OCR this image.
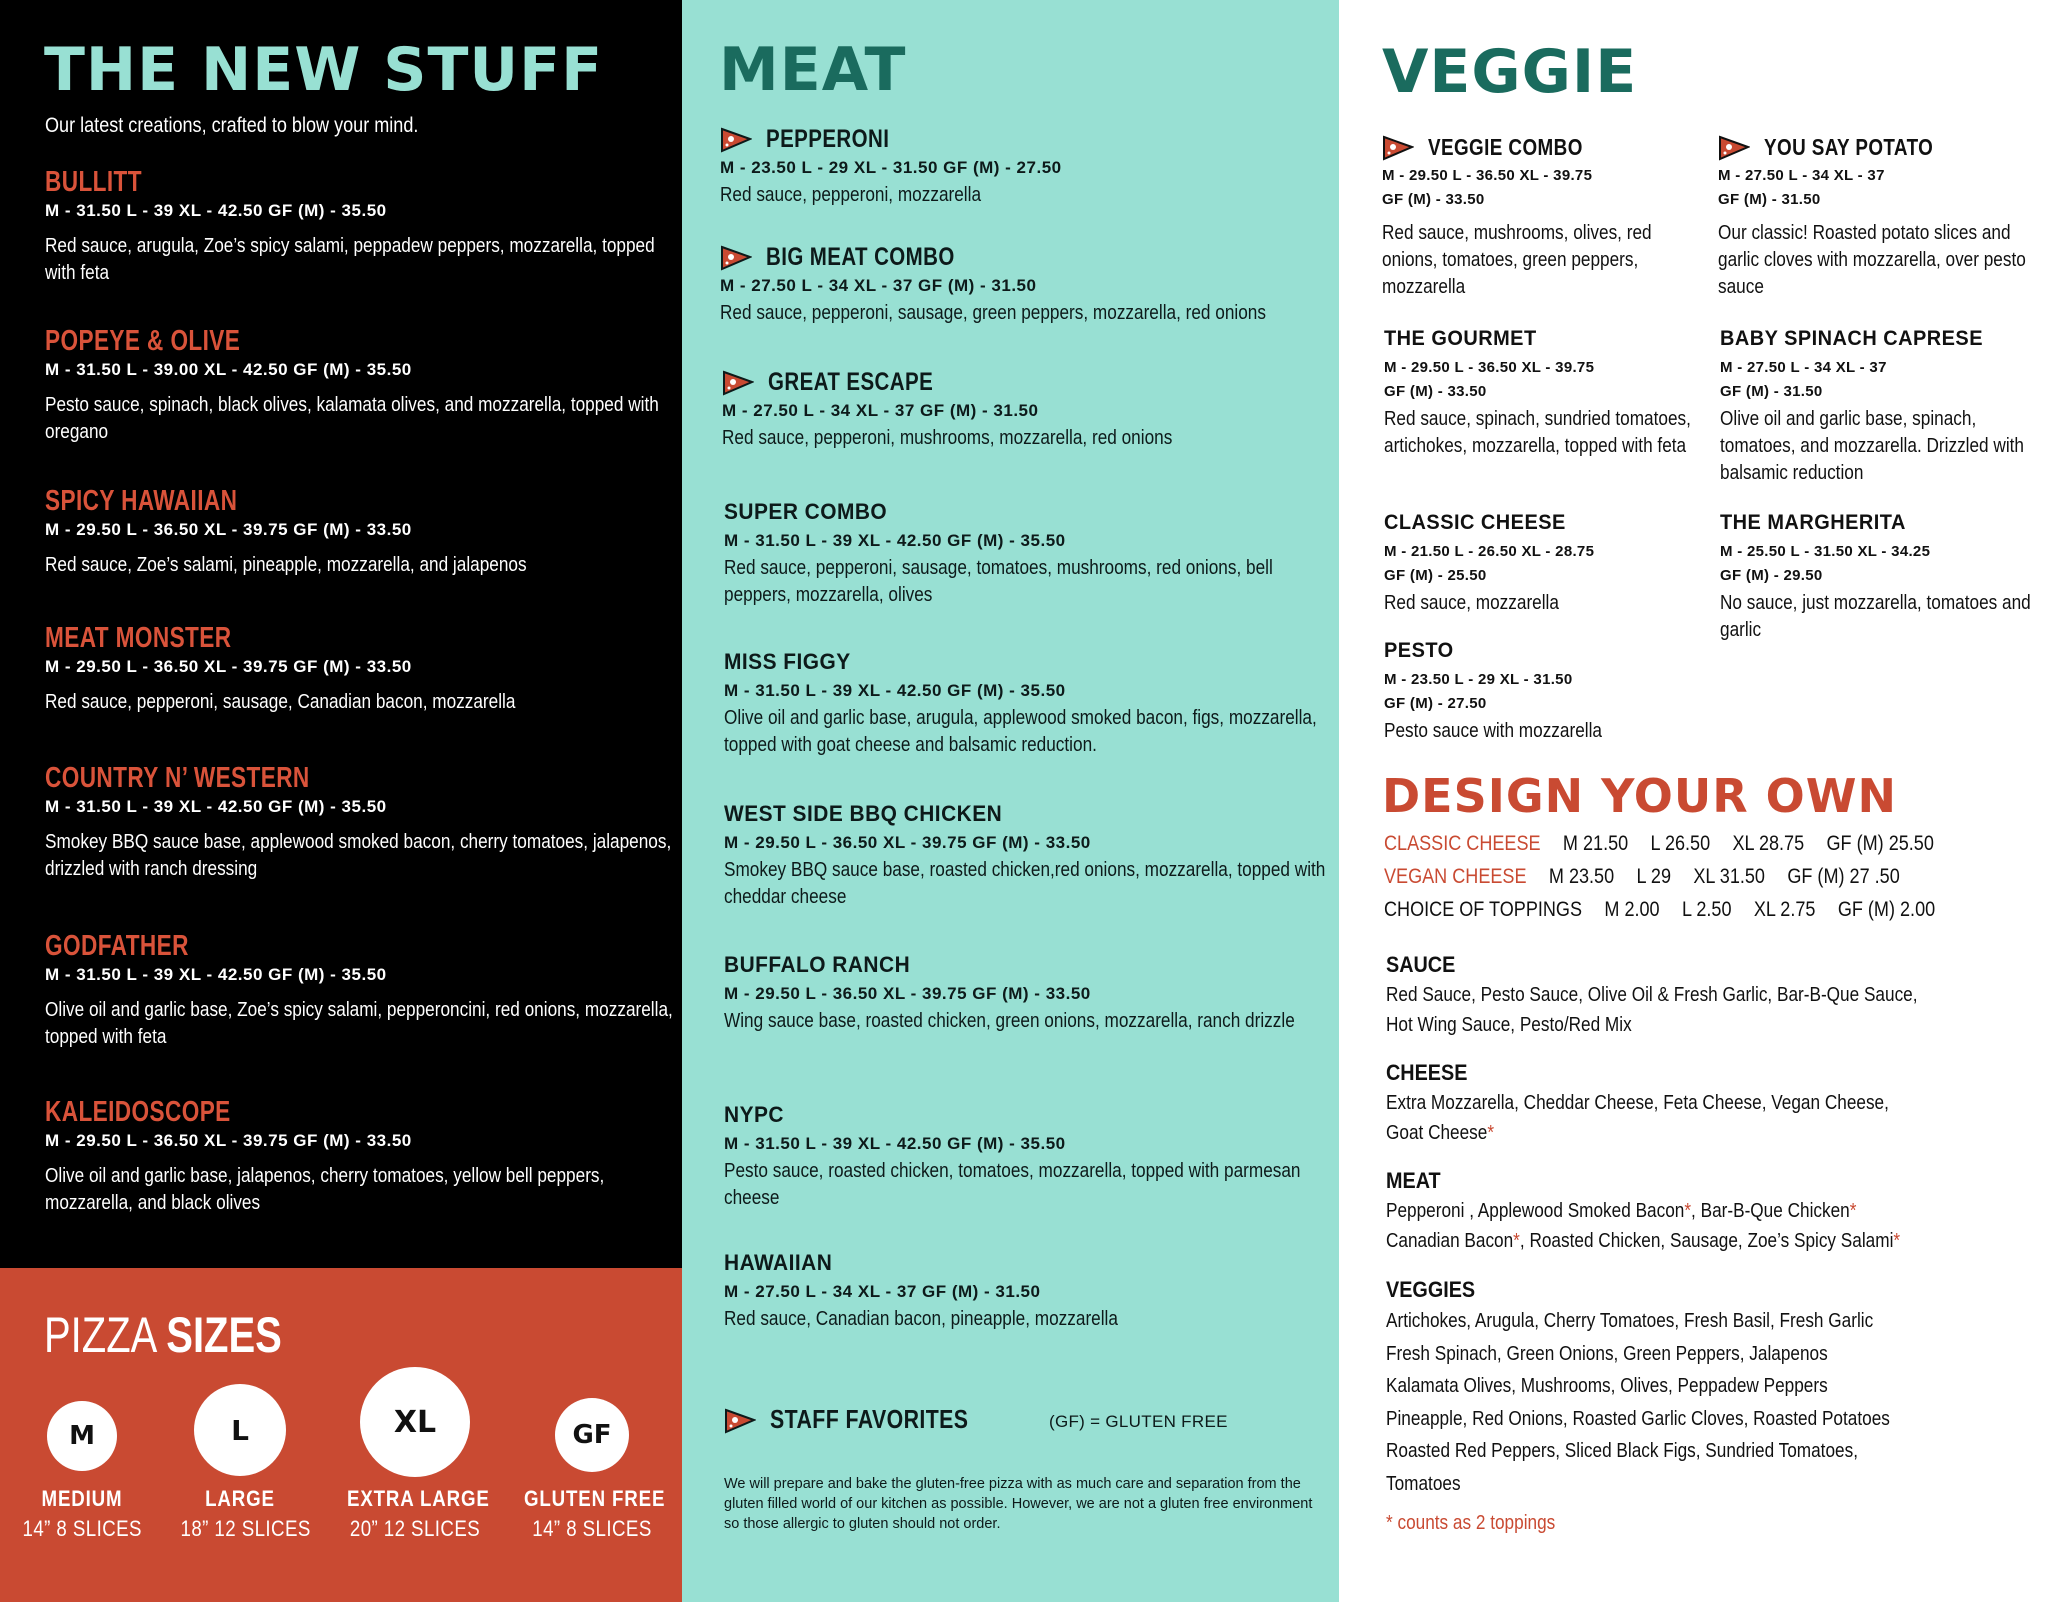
THE NEW STUFF
Our latest creations, crafted to blow your mind.
BULLITT
M - 31.50 L - 39 XL - 42.50 GF (M) - 35.50
Red sauce, arugula, Zoe’s spicy salami, peppadew peppers, mozzarella, topped with feta
POPEYE & OLIVE
M - 31.50 L - 39.00 XL - 42.50 GF (M) - 35.50
Pesto sauce, spinach, black olives, kalamata olives, and mozzarella, topped with oregano
SPICY HAWAIIAN
M - 29.50 L - 36.50 XL - 39.75 GF (M) - 33.50
Red sauce, Zoe’s salami, pineapple, mozzarella, and jalapenos
MEAT MONSTER
M - 29.50 L - 36.50 XL - 39.75 GF (M) - 33.50
Red sauce, pepperoni, sausage, Canadian bacon, mozzarella
COUNTRY N’ WESTERN
M - 31.50 L - 39 XL - 42.50 GF (M) - 35.50
Smokey BBQ sauce base, applewood smoked bacon, cherry tomatoes, jalapenos, drizzled with ranch dressing
GODFATHER
M - 31.50 L - 39 XL - 42.50 GF (M) - 35.50
Olive oil and garlic base, Zoe’s spicy salami, pepperoncini, red onions, mozzarella, topped with feta
KALEIDOSCOPE
M - 29.50 L - 36.50 XL - 39.75 GF (M) - 33.50
Olive oil and garlic base, jalapenos, cherry tomatoes, yellow bell peppers, mozzarella, and black olives
PIZZA SIZES
M
MEDIUM
14” 8 SLICES
L
LARGE
18” 12 SLICES
XL
EXTRA LARGE
20” 12 SLICES
GF
GLUTEN FREE
14” 8 SLICES
MEAT
PEPPERONI
M - 23.50 L - 29 XL - 31.50 GF (M) - 27.50
Red sauce, pepperoni, mozzarella
BIG MEAT COMBO
M - 27.50 L - 34 XL - 37 GF (M) - 31.50
Red sauce, pepperoni, sausage, green peppers, mozzarella, red onions
GREAT ESCAPE
M - 27.50 L - 34 XL - 37 GF (M) - 31.50
Red sauce, pepperoni, mushrooms, mozzarella, red onions
SUPER COMBO
M - 31.50 L - 39 XL - 42.50 GF (M) - 35.50
Red sauce, pepperoni, sausage, tomatoes, mushrooms, red onions, bell peppers, mozzarella, olives
MISS FIGGY
M - 31.50 L - 39 XL - 42.50 GF (M) - 35.50
Olive oil and garlic base, arugula, applewood smoked bacon, figs, mozzarella, topped with goat cheese and balsamic reduction.
WEST SIDE BBQ CHICKEN
M - 29.50 L - 36.50 XL - 39.75 GF (M) - 33.50
Smokey BBQ sauce base, roasted chicken,red onions, mozzarella, topped with cheddar cheese
BUFFALO RANCH
M - 29.50 L - 36.50 XL - 39.75 GF (M) - 33.50
Wing sauce base, roasted chicken, green onions, mozzarella, ranch drizzle
NYPC
M - 31.50 L - 39 XL - 42.50 GF (M) - 35.50
Pesto sauce, roasted chicken, tomatoes, mozzarella, topped with parmesan cheese
HAWAIIAN
M - 27.50 L - 34 XL - 37 GF (M) - 31.50
Red sauce, Canadian bacon, pineapple, mozzarella
STAFF FAVORITES	(GF) = GLUTEN FREE
We will prepare and bake the gluten-free pizza with as much care and separation from the gluten filled world of our kitchen as possible. However, we are not a gluten free environment so those allergic to gluten should not order.
VEGGIE
VEGGIE COMBO
M - 29.50 L - 36.50 XL - 39.75
GF (M) - 33.50
Red sauce, mushrooms, olives, red onions, tomatoes, green peppers, mozzarella
THE GOURMET
M - 29.50 L - 36.50 XL - 39.75
GF (M) - 33.50
Red sauce, spinach, sundried tomatoes, artichokes, mozzarella, topped with feta
CLASSIC CHEESE
M - 21.50 L - 26.50 XL - 28.75
GF (M) - 25.50
Red sauce, mozzarella
PESTO
M - 23.50 L - 29 XL - 31.50
GF (M) - 27.50
Pesto sauce with mozzarella
YOU SAY POTATO
M - 27.50 L - 34 XL - 37
GF (M) - 31.50
Our classic! Roasted potato slices and garlic cloves with mozzarella, over pesto sauce
BABY SPINACH CAPRESE
M - 27.50 L - 34 XL - 37
GF (M) - 31.50
Olive oil and garlic base, spinach, tomatoes, and mozzarella. Drizzled with balsamic reduction
THE MARGHERITA
M - 25.50 L - 31.50 XL - 34.25
GF (M) - 29.50
No sauce, just mozzarella, tomatoes and garlic
DESIGN YOUR OWN
CLASSIC CHEESE M 21.50 L 26.50 XL 28.75 GF (M) 25.50
VEGAN CHEESE M 23.50 L 29 XL 31.50 GF (M) 27 .50
CHOICE OF TOPPINGS M 2.00 L 2.50 XL 2.75 GF (M) 2.00
SAUCE
Red Sauce, Pesto Sauce, Olive Oil & Fresh Garlic, Bar-B-Que Sauce,
Hot Wing Sauce, Pesto/Red Mix
CHEESE
Extra Mozzarella, Cheddar Cheese, Feta Cheese, Vegan Cheese,
Goat Cheese*
MEAT
Pepperoni , Applewood Smoked Bacon*, Bar-B-Que Chicken*
Canadian Bacon*, Roasted Chicken, Sausage, Zoe’s Spicy Salami*
VEGGIES
Artichokes, Arugula, Cherry Tomatoes, Fresh Basil, Fresh Garlic
Fresh Spinach, Green Onions, Green Peppers, Jalapenos
Kalamata Olives, Mushrooms, Olives, Peppadew Peppers
Pineapple, Red Onions, Roasted Garlic Cloves, Roasted Potatoes
Roasted Red Peppers, Sliced Black Figs, Sundried Tomatoes,
Tomatoes
* counts as 2 toppings
